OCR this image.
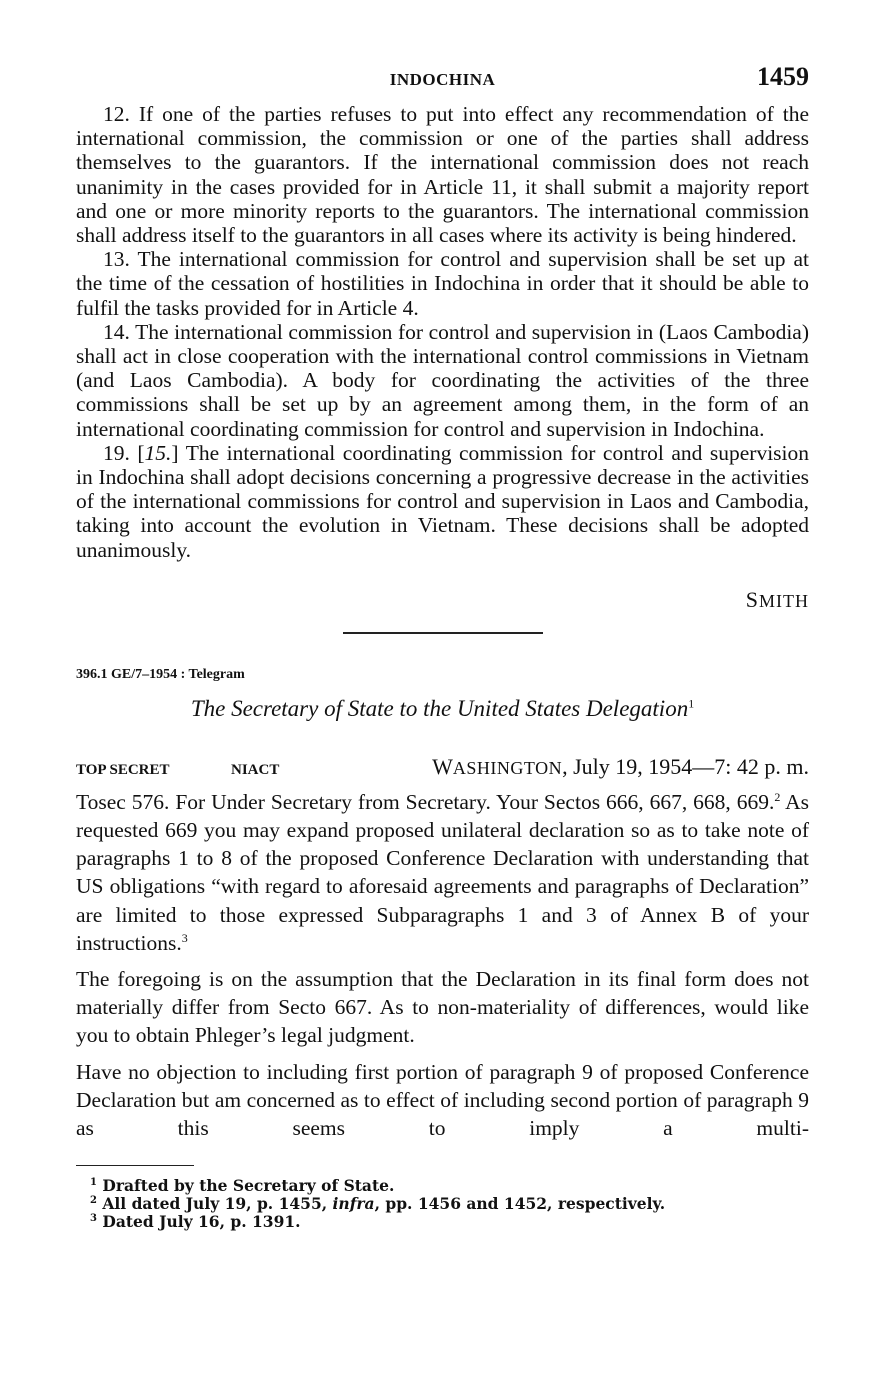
INDOCHINA	1459

12. If one of the parties refuses to put into effect any recommendation of the international commission, the commission or one of the parties shall address themselves to the guarantors. If the international commission does not reach unanimity in the cases provided for in Article 11, it shall submit a majority report and one or more minority reports to the guarantors. The international commission shall address itself to the guarantors in all cases where its activity is being hindered.

13. The international commission for control and supervision shall be set up at the time of the cessation of hostilities in Indochina in order that it should be able to fulfil the tasks provided for in Article 4.

14. The international commission for control and supervision in (Laos Cambodia) shall act in close cooperation with the international control commissions in Vietnam (and Laos Cambodia). A body for coordinating the activities of the three commissions shall be set up by an agreement among them, in the form of an international coordinating commission for control and supervision in Indochina.

19. [15.] The international coordinating commission for control and supervision in Indochina shall adopt decisions concerning a progressive decrease in the activities of the international commissions for control and supervision in Laos and Cambodia, taking into account the evolution in Vietnam. These decisions shall be adopted unanimously.

SMITH
396.1 GE/7–1954 : Telegram
The Secretary of State to the United States Delegation$^1$
TOP SECRET	NIACT	WASHINGTON, July 19, 1954—7: 42 p. m.

Tosec 576. For Under Secretary from Secretary. Your Sectos 666, 667, 668, 669.$^2$ As requested 669 you may expand proposed unilateral declaration so as to take note of paragraphs 1 to 8 of the proposed Conference Declaration with understanding that US obligations “with regard to aforesaid agreements and paragraphs of Declaration” are limited to those expressed Subparagraphs 1 and 3 of Annex B of your instructions.$^3$

The foregoing is on the assumption that the Declaration in its final form does not materially differ from Secto 667. As to non-materiality of differences, would like you to obtain Phleger’s legal judgment.

Have no objection to including first portion of paragraph 9 of proposed Conference Declaration but am concerned as to effect of including second portion of paragraph 9 as this seems to imply a multi-

$^1$ Drafted by the Secretary of State.
$^2$ All dated July 19, p. 1455, infra, pp. 1456 and 1452, respectively.
$^3$ Dated July 16, p. 1391.
